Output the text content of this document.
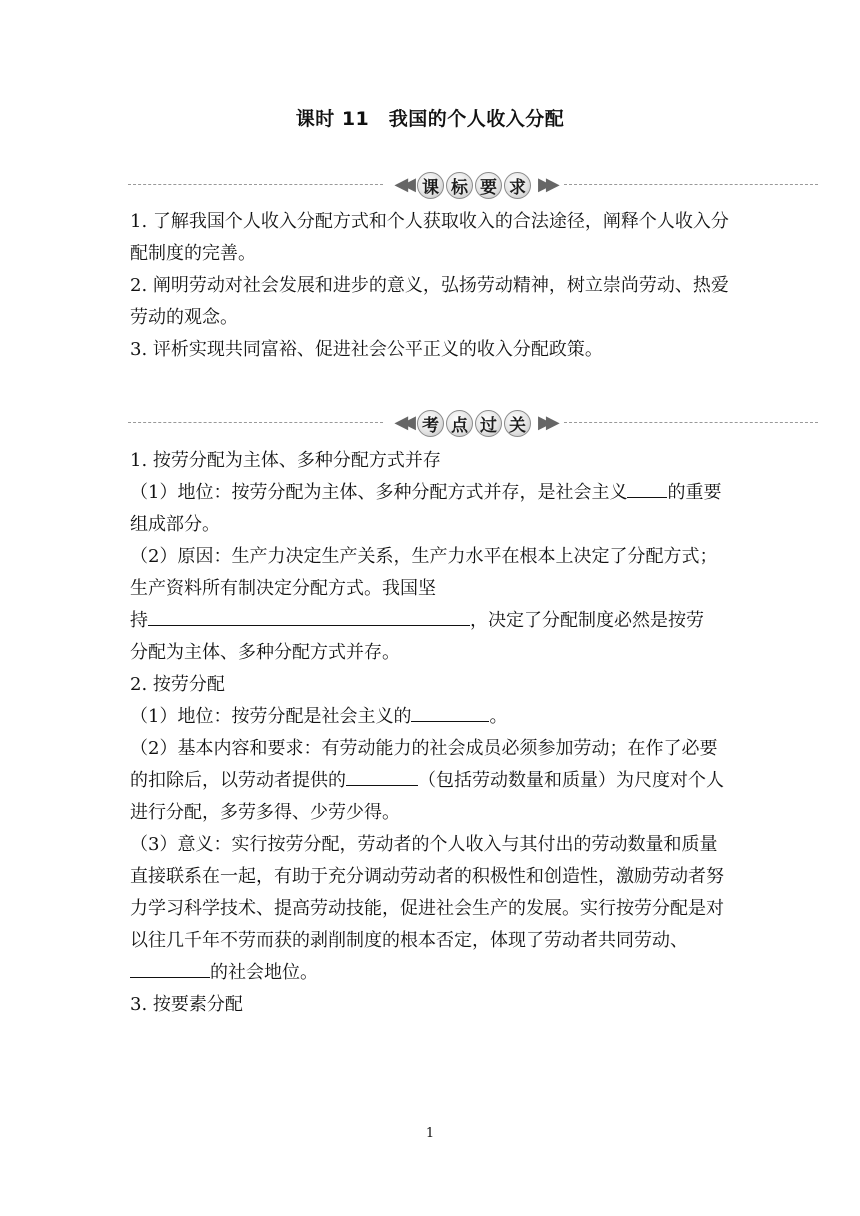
课时 11　我国的个人收入分配
◀◀ 课 标 要 求 ▶▶

1. 了解我国个人收入分配方式和个人获取收入的合法途径，阐释个人收入分配制度的完善。

2. 阐明劳动对社会发展和进步的意义，弘扬劳动精神，树立崇尚劳动、热爱劳动的观念。

3. 评析实现共同富裕、促进社会公平正义的收入分配政策。

◀◀ 考 点 过 关 ▶▶

1. 按劳分配为主体、多种分配方式并存

（1）地位：按劳分配为主体、多种分配方式并存，是社会主义 的重要组成部分。

（2）原因：生产力决定生产关系，生产力水平在根本上决定了分配方式；生产资料所有制决定分配方式。我国坚

持	，决定了分配制度必然是按劳

分配为主体、多种分配方式并存。

2. 按劳分配

（1）地位：按劳分配是社会主义的	。

（2）基本内容和要求：有劳动能力的社会成员必须参加劳动；在作了必要的扣除后，以劳动者提供的	（包括劳动数量和质量）为尺度对个人进行分配，多劳多得、少劳少得。

（3）意义：实行按劳分配，劳动者的个人收入与其付出的劳动数量和质量直接联系在一起，有助于充分调动劳动者的积极性和创造性，激励劳动者努力学习科学技术、提高劳动技能，促进社会生产的发展。实行按劳分配是对以往几千年不劳而获的剥削制度的根本否定，体现了劳动者共同劳动、的社会地位。

3. 按要素分配

1
